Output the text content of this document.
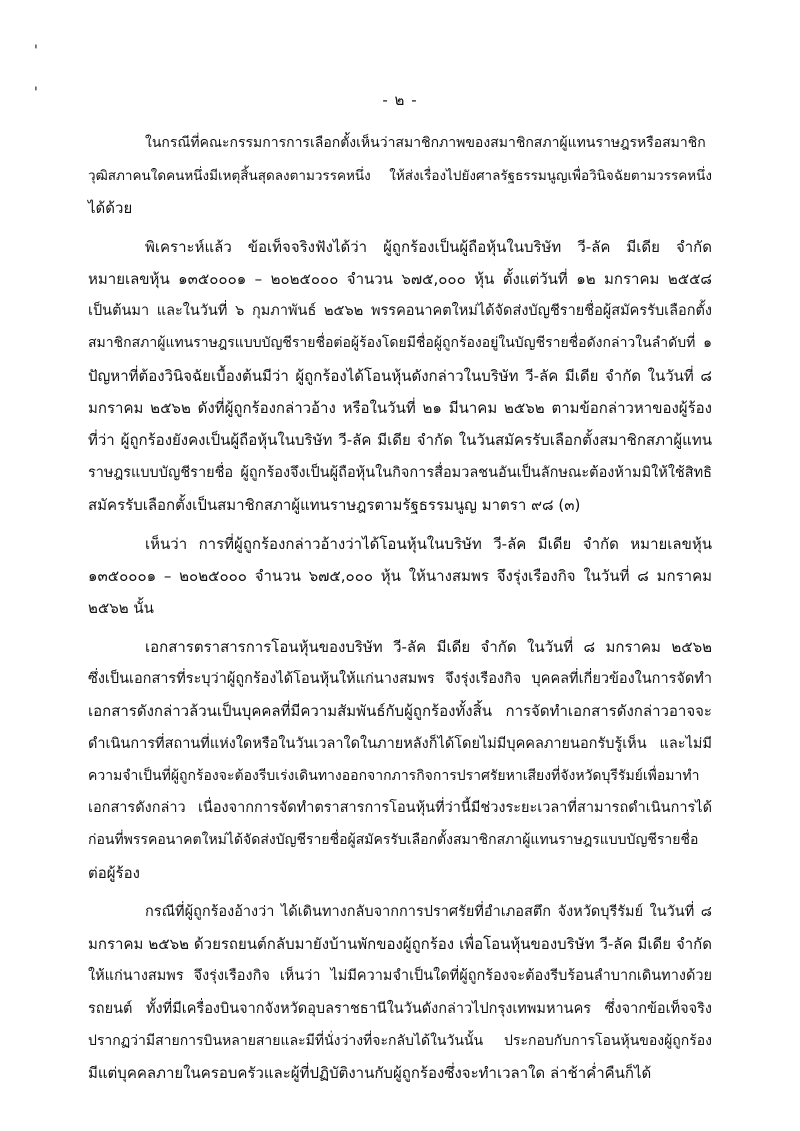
'
'	- ๒ -
ในกรณีที่คณะกรรมการการเลือกตั้งเห็นว่าสมาชิกภาพของสมาชิกสภาผู้แทนราษฎรหรือสมาชิก
วุฒิสภาคนใดคนหนึ่งมีเหตุสิ้นสุดลงตามวรรคหนึ่ง ให้ส่งเรื่องไปยังศาลรัฐธรรมนูญเพื่อวินิจฉัยตามวรรคหนึ่ง
ได้ด้วย
พิเคราะห์แล้ว ข้อเท็จจริงฟังได้ว่า ผู้ถูกร้องเป็นผู้ถือหุ้นในบริษัท วี-ลัค มีเดีย จำกัด
หมายเลขหุ้น ๑๓๕๐๐๐๑ – ๒๐๒๕๐๐๐ จำนวน ๖๗๕,๐๐๐ หุ้น ตั้งแต่วันที่ ๑๒ มกราคม ๒๕๕๘
เป็นต้นมา และในวันที่ ๖ กุมภาพันธ์ ๒๕๖๒ พรรคอนาคตใหม่ได้จัดส่งบัญชีรายชื่อผู้สมัครรับเลือกตั้ง
สมาชิกสภาผู้แทนราษฎรแบบบัญชีรายชื่อต่อผู้ร้องโดยมีชื่อผู้ถูกร้องอยู่ในบัญชีรายชื่อดังกล่าวในลำดับที่ ๑
ปัญหาที่ต้องวินิจฉัยเบื้องต้นมีว่า ผู้ถูกร้องได้โอนหุ้นดังกล่าวในบริษัท วี-ลัค มีเดีย จำกัด ในวันที่ ๘
มกราคม ๒๕๖๒ ดังที่ผู้ถูกร้องกล่าวอ้าง หรือในวันที่ ๒๑ มีนาคม ๒๕๖๒ ตามข้อกล่าวหาของผู้ร้อง
ที่ว่า ผู้ถูกร้องยังคงเป็นผู้ถือหุ้นในบริษัท วี-ลัค มีเดีย จำกัด ในวันสมัครรับเลือกตั้งสมาชิกสภาผู้แทน
ราษฎรแบบบัญชีรายชื่อ ผู้ถูกร้องจึงเป็นผู้ถือหุ้นในกิจการสื่อมวลชนอันเป็นลักษณะต้องห้ามมิให้ใช้สิทธิ
สมัครรับเลือกตั้งเป็นสมาชิกสภาผู้แทนราษฎรตามรัฐธรรมนูญ มาตรา ๙๘ (๓)
เห็นว่า การที่ผู้ถูกร้องกล่าวอ้างว่าได้โอนหุ้นในบริษัท วี-ลัค มีเดีย จำกัด หมายเลขหุ้น
๑๓๕๐๐๐๑ – ๒๐๒๕๐๐๐ จำนวน ๖๗๕,๐๐๐ หุ้น ให้นางสมพร จึงรุ่งเรืองกิจ ในวันที่ ๘ มกราคม
๒๕๖๒ นั้น
เอกสารตราสารการโอนหุ้นของบริษัท วี-ลัค มีเดีย จำกัด ในวันที่ ๘ มกราคม ๒๕๖๒
ซึ่งเป็นเอกสารที่ระบุว่าผู้ถูกร้องได้โอนหุ้นให้แก่นางสมพร จึงรุ่งเรืองกิจ บุคคลที่เกี่ยวข้องในการจัดทำ
เอกสารดังกล่าวล้วนเป็นบุคคลที่มีความสัมพันธ์กับผู้ถูกร้องทั้งสิ้น การจัดทำเอกสารดังกล่าวอาจจะ
ดำเนินการที่สถานที่แห่งใดหรือในวันเวลาใดในภายหลังก็ได้โดยไม่มีบุคคลภายนอกรับรู้เห็น และไม่มี
ความจำเป็นที่ผู้ถูกร้องจะต้องรีบเร่งเดินทางออกจากภารกิจการปราศรัยหาเสียงที่จังหวัดบุรีรัมย์เพื่อมาทำ
เอกสารดังกล่าว เนื่องจากการจัดทำตราสารการโอนหุ้นที่ว่านี้มีช่วงระยะเวลาที่สามารถดำเนินการได้
ก่อนที่พรรคอนาคตใหม่ได้จัดส่งบัญชีรายชื่อผู้สมัครรับเลือกตั้งสมาชิกสภาผู้แทนราษฎรแบบบัญชีรายชื่อ
ต่อผู้ร้อง
กรณีที่ผู้ถูกร้องอ้างว่า ได้เดินทางกลับจากการปราศรัยที่อำเภอสตึก จังหวัดบุรีรัมย์ ในวันที่ ๘
มกราคม ๒๕๖๒ ด้วยรถยนต์กลับมายังบ้านพักของผู้ถูกร้อง เพื่อโอนหุ้นของบริษัท วี-ลัค มีเดีย จำกัด
ให้แก่นางสมพร จึงรุ่งเรืองกิจ เห็นว่า ไม่มีความจำเป็นใดที่ผู้ถูกร้องจะต้องรีบร้อนลำบากเดินทางด้วย
รถยนต์ ทั้งที่มีเครื่องบินจากจังหวัดอุบลราชธานีในวันดังกล่าวไปกรุงเทพมหานคร ซึ่งจากข้อเท็จจริง
ปรากฏว่ามีสายการบินหลายสายและมีที่นั่งว่างที่จะกลับได้ในวันนั้น ประกอบกับการโอนหุ้นของผู้ถูกร้อง
มีแต่บุคคลภายในครอบครัวและผู้ที่ปฏิบัติงานกับผู้ถูกร้องซึ่งจะทำเวลาใด ล่าช้าค่ำคืนก็ได้
